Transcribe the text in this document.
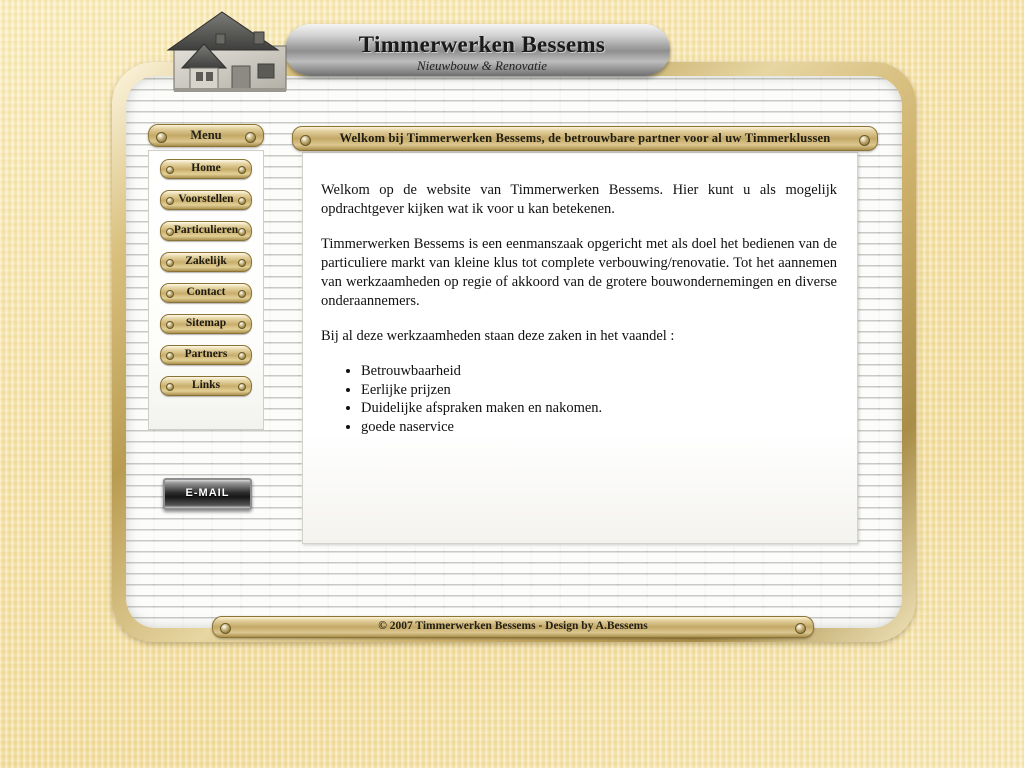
Timmerwerken Bessems
Nieuwbouw & Renovatie
Menu
Home
Voorstellen
Particulieren
Zakelijk
Contact
Sitemap
Partners
Links
E-MAIL
Welkom bij Timmerwerken Bessems, de betrouwbare partner voor al uw Timmerklussen

Welkom op de website van Timmerwerken Bessems. Hier kunt u als mogelijk opdrachtgever kijken wat ik voor u kan betekenen.

Timmerwerken Bessems is een eenmanszaak opgericht met als doel het bedienen van de particuliere markt van kleine klus tot complete verbouwing/renovatie. Tot het aannemen van werkzaamheden op regie of akkoord van de grotere bouwondernemingen en diverse onderaannemers.

Bij al deze werkzaamheden staan deze zaken in het vaandel :

• Betrouwbaarheid
• Eerlijke prijzen
• Duidelijke afspraken maken en nakomen.
• goede naservice
© 2007 Timmerwerken Bessems - Design by A.Bessems
